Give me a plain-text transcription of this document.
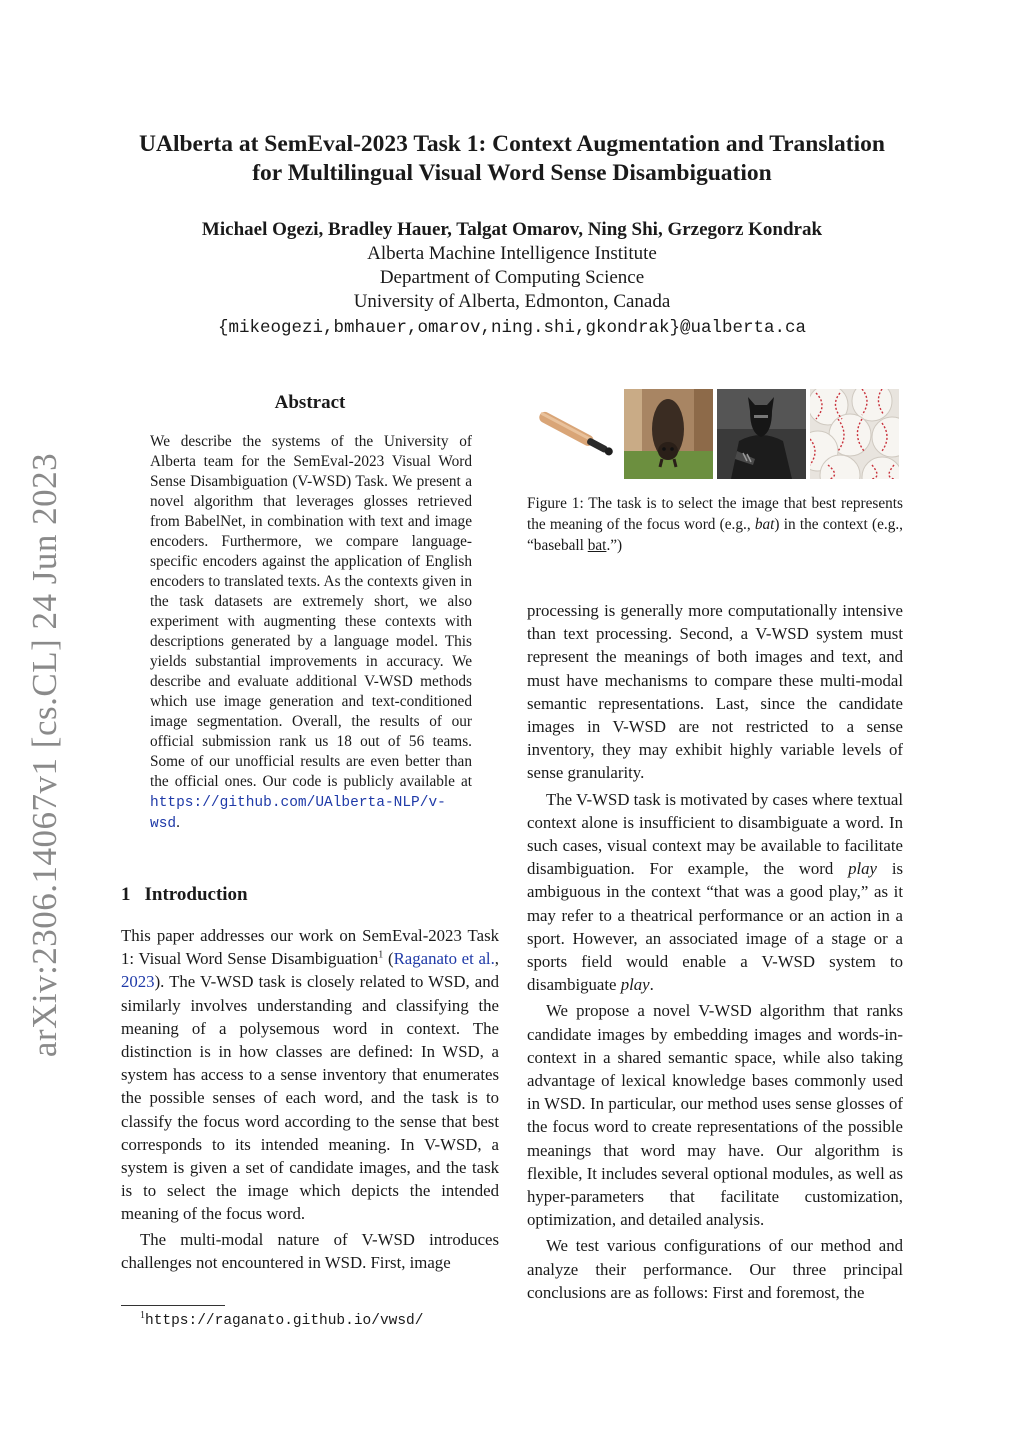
arXiv:2306.14067v1 [cs.CL] 24 Jun 2023
UAlberta at SemEval-2023 Task 1: Context Augmentation and Translation
for Multilingual Visual Word Sense Disambiguation
Michael Ogezi, Bradley Hauer, Talgat Omarov, Ning Shi, Grzegorz Kondrak
Alberta Machine Intelligence Institute
Department of Computing Science
University of Alberta, Edmonton, Canada
{mikeogezi,bmhauer,omarov,ning.shi,gkondrak}@ualberta.ca
Abstract
We describe the systems of the University of Alberta team for the SemEval-2023 Visual Word Sense Disambiguation (V-WSD) Task. We present a novel algorithm that leverages glosses retrieved from BabelNet, in combination with text and image encoders. Furthermore, we compare language-specific encoders against the application of English encoders to translated texts. As the contexts given in the task datasets are extremely short, we also experiment with augmenting these contexts with descriptions generated by a language model. This yields substantial improvements in accuracy. We describe and evaluate additional V-WSD methods which use image generation and text-conditioned image segmentation. Overall, the results of our official submission rank us 18 out of 56 teams. Some of our unofficial results are even better than the official ones. Our code is publicly available at https://github.com/UAlberta-NLP/v-wsd.
1 Introduction

This paper addresses our work on SemEval-2023 Task 1: Visual Word Sense Disambiguation$^1$ (Raganato et al., 2023). The V-WSD task is closely related to WSD, and similarly involves understanding and classifying the meaning of a polysemous word in context. The distinction is in how classes are defined: In WSD, a system has access to a sense inventory that enumerates the possible senses of each word, and the task is to classify the focus word according to the sense that best corresponds to its intended meaning. In V-WSD, a system is given a set of candidate images, and the task is to select the image which depicts the intended meaning of the focus word.

The multi-modal nature of V-WSD introduces challenges not encountered in WSD. First, image

$^1$https://raganato.github.io/vwsd/
Figure 1: The task is to select the image that best represents the meaning of the focus word (e.g., bat) in the context (e.g., “baseball bat.”)

processing is generally more computationally intensive than text processing. Second, a V-WSD system must represent the meanings of both images and text, and must have mechanisms to compare these multi-modal semantic representations. Last, since the candidate images in V-WSD are not restricted to a sense inventory, they may exhibit highly variable levels of sense granularity.

The V-WSD task is motivated by cases where textual context alone is insufficient to disambiguate a word. In such cases, visual context may be available to facilitate disambiguation. For example, the word play is ambiguous in the context “that was a good play,” as it may refer to a theatrical performance or an action in a sport. However, an associated image of a stage or a sports field would enable a V-WSD system to disambiguate play.

We propose a novel V-WSD algorithm that ranks candidate images by embedding images and words-in-context in a shared semantic space, while also taking advantage of lexical knowledge bases commonly used in WSD. In particular, our method uses sense glosses of the focus word to create representations of the possible meanings that word may have. Our algorithm is flexible, It includes several optional modules, as well as hyper-parameters that facilitate customization, optimization, and detailed analysis.

We test various configurations of our method and analyze their performance. Our three principal conclusions are as follows: First and foremost, the
